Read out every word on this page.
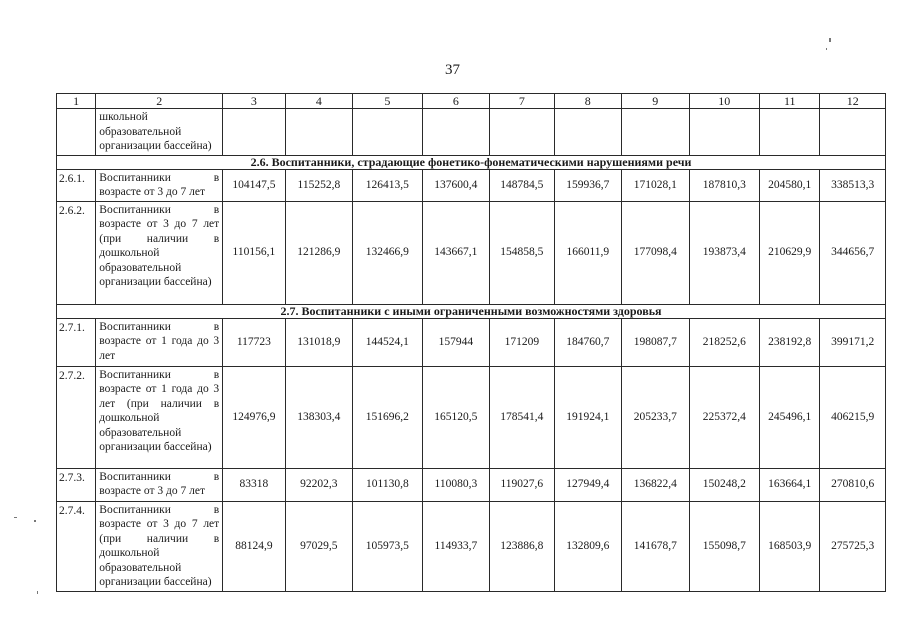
37
1	2	3	4	5	6	7	8	9	10	11	12
	школьной образовательной организации бассейна)										
2.6. Воспитанники, страдающие фонетико-фонематическими нарушениями речи											
2.6.1.	Воспитанники в возрасте от 3 до 7 лет	104147,5	115252,8	126413,5	137600,4	148784,5	159936,7	171028,1	187810,3	204580,1	338513,3
2.6.2.	Воспитанники в возрасте от 3 до 7 лет (при наличии в дошкольной образовательной организации бассейна)	110156,1	121286,9	132466,9	143667,1	154858,5	166011,9	177098,4	193873,4	210629,9	344656,7
2.7. Воспитанники с иными ограниченными возможностями здоровья											
2.7.1.	Воспитанники в возрасте от 1 года до 3 лет	117723	131018,9	144524,1	157944	171209	184760,7	198087,7	218252,6	238192,8	399171,2
2.7.2.	Воспитанники в возрасте от 1 года до 3 лет (при наличии в дошкольной образовательной организации бассейна)	124976,9	138303,4	151696,2	165120,5	178541,4	191924,1	205233,7	225372,4	245496,1	406215,9
2.7.3.	Воспитанники в возрасте от 3 до 7 лет	83318	92202,3	101130,8	110080,3	119027,6	127949,4	136822,4	150248,2	163664,1	270810,6
2.7.4.	Воспитанники в возрасте от 3 до 7 лет (при наличии в дошкольной образовательной организации бассейна)	88124,9	97029,5	105973,5	114933,7	123886,8	132809,6	141678,7	155098,7	168503,9	275725,3
